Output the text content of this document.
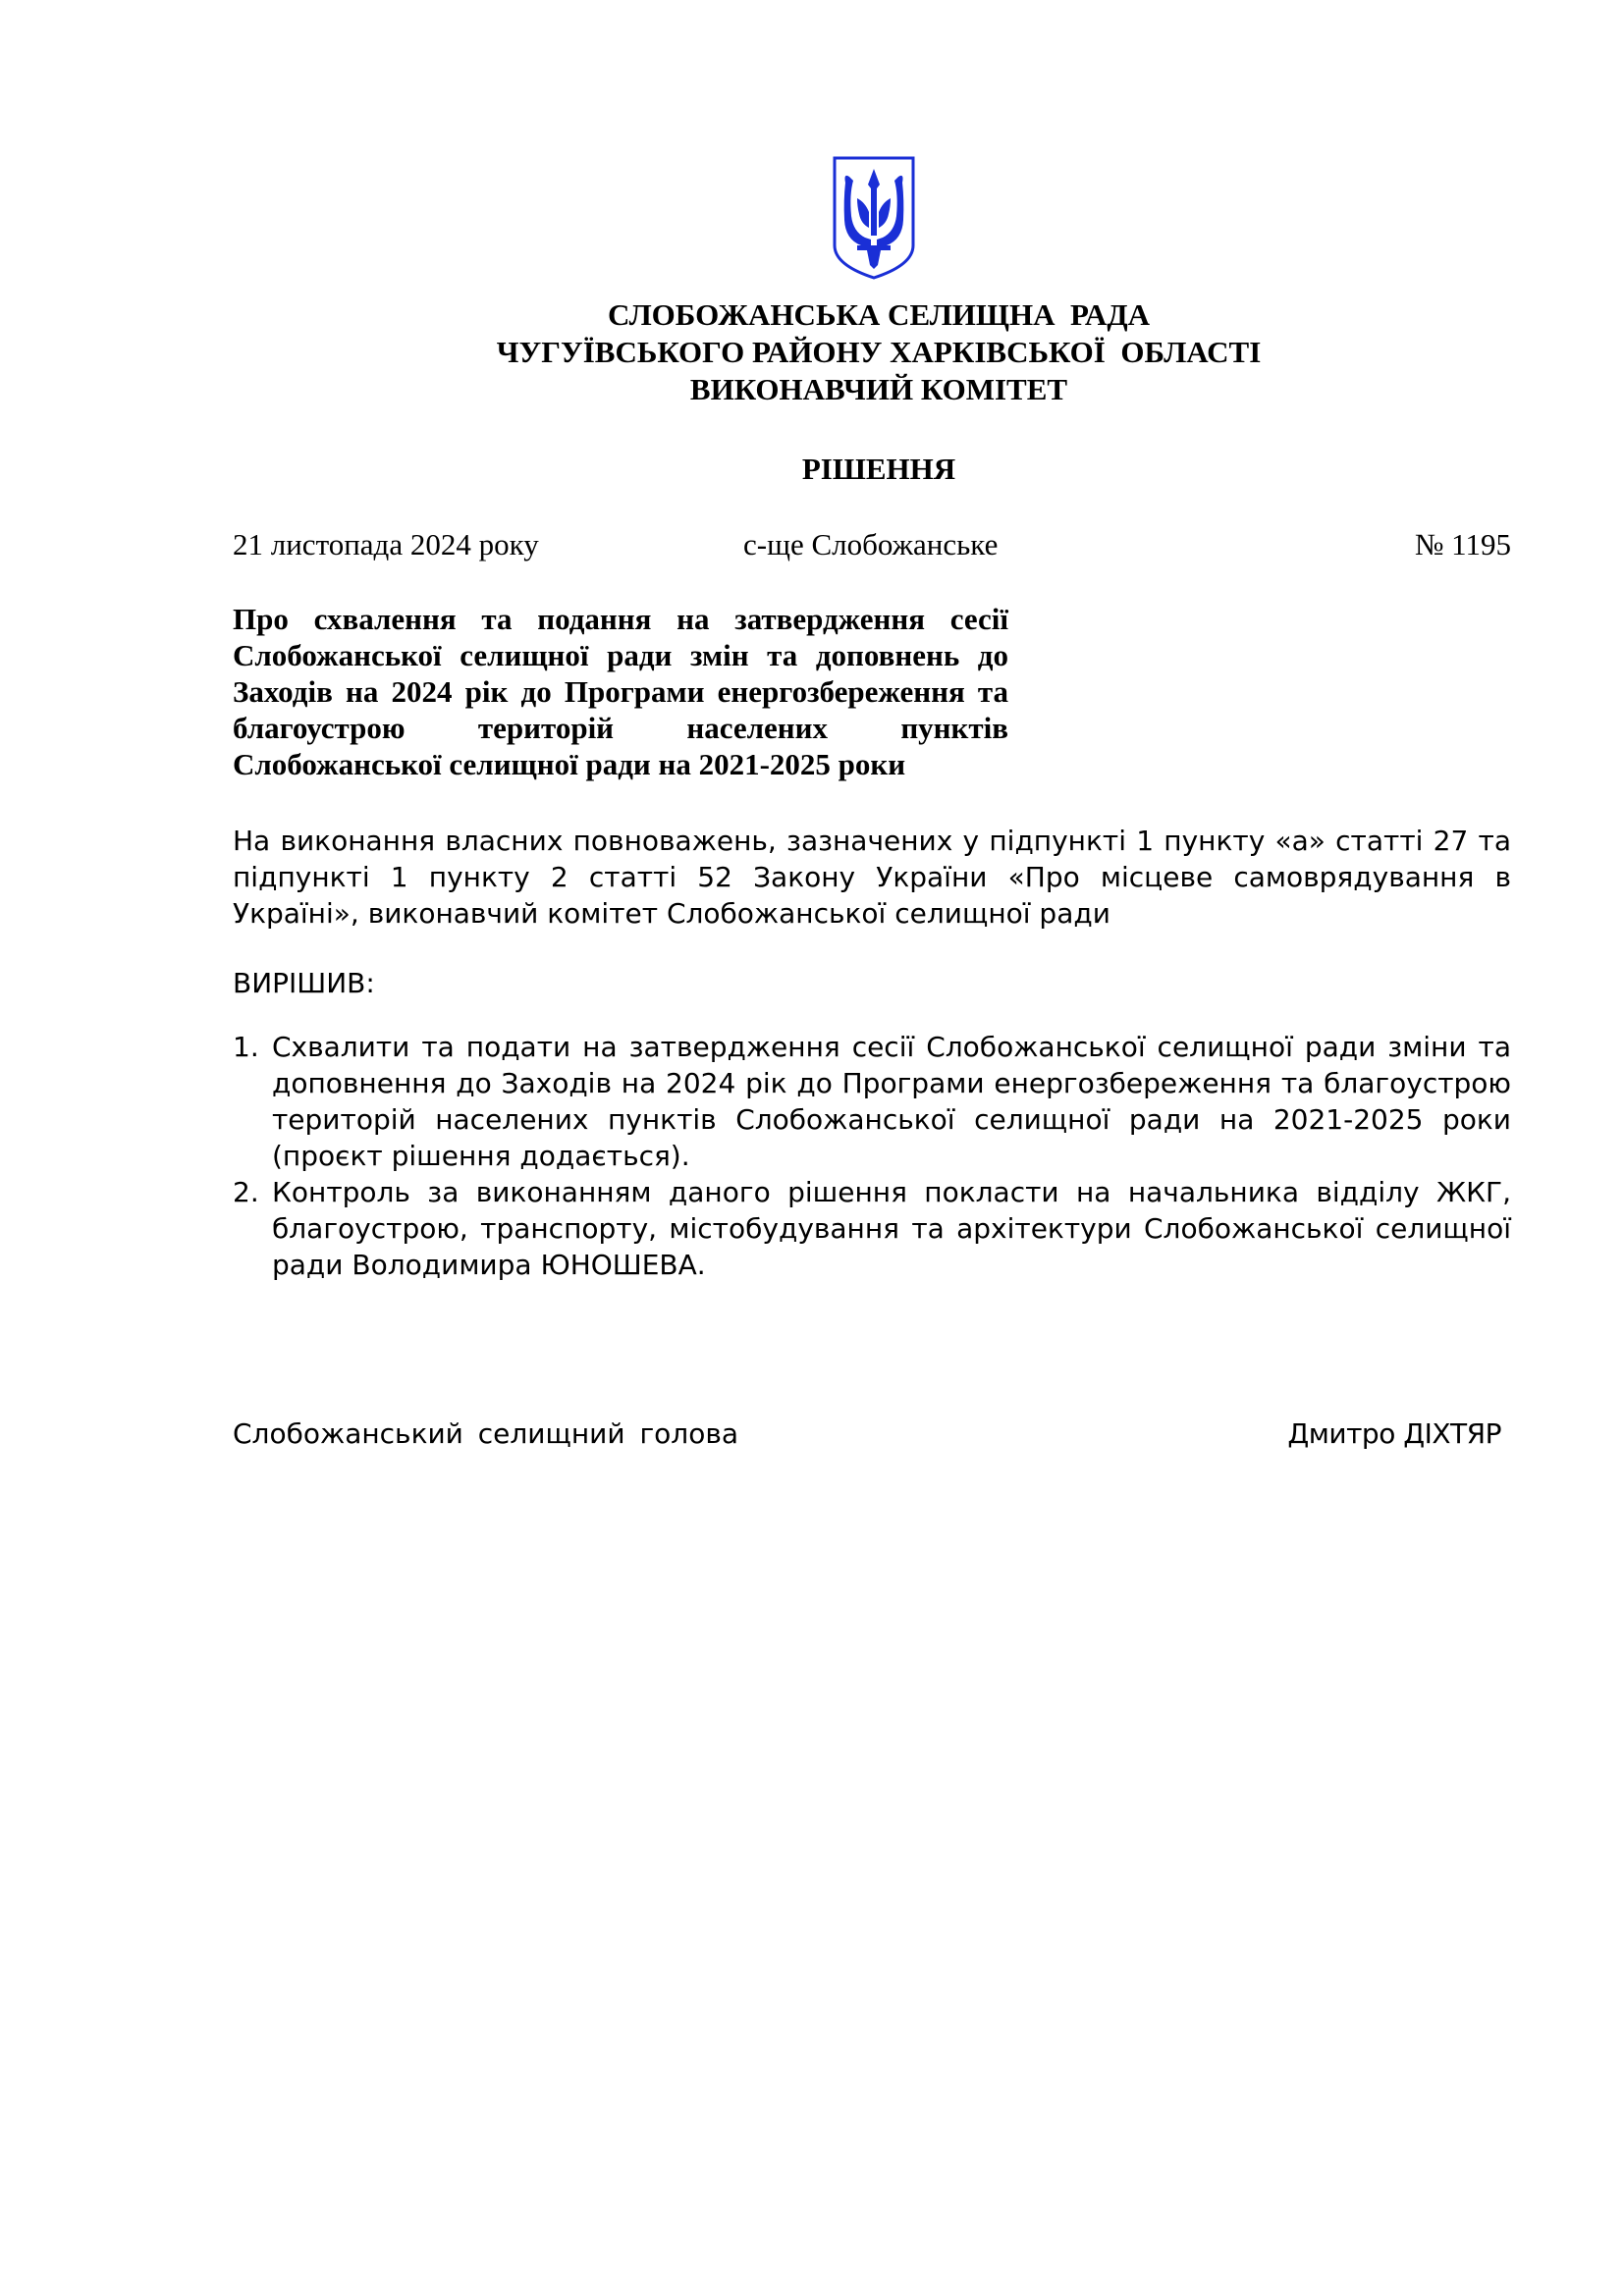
СЛОБОЖАНСЬКА СЕЛИЩНА  РАДА
ЧУГУЇВСЬКОГО РАЙОНУ ХАРКІВСЬКОЇ  ОБЛАСТІ
ВИКОНАВЧИЙ КОМІТЕТ
РІШЕННЯ
21 листопада 2024 року	с-ще Слобожанське	№ 1195
Про схвалення та подання на затвердження сесії Слобожанської селищної ради змін та доповнень до Заходів на 2024 рік до Програми енергозбереження та благоустрою територій населених пунктів Слобожанської селищної ради на 2021-2025 роки
На виконання власних повноважень, зазначених у підпункті 1 пункту «а» статті 27 та підпункті 1 пункту 2 статті 52 Закону України «Про місцеве самоврядування в Україні», виконавчий комітет Слобожанської селищної ради
ВИРІШИВ:
1. Схвалити та подати на затвердження сесії Слобожанської селищної ради зміни та доповнення до Заходів на 2024 рік до Програми енергозбереження та благоустрою територій населених пунктів Слобожанської селищної ради на 2021-2025 роки (проєкт рішення додається).
2. Контроль за виконанням даного рішення покласти на начальника відділу ЖКГ, благоустрою, транспорту, містобудування та архітектури Слобожанської селищної ради Володимира ЮНОШЕВА.
Слобожанський селищний голова	Дмитро ДІХТЯР
